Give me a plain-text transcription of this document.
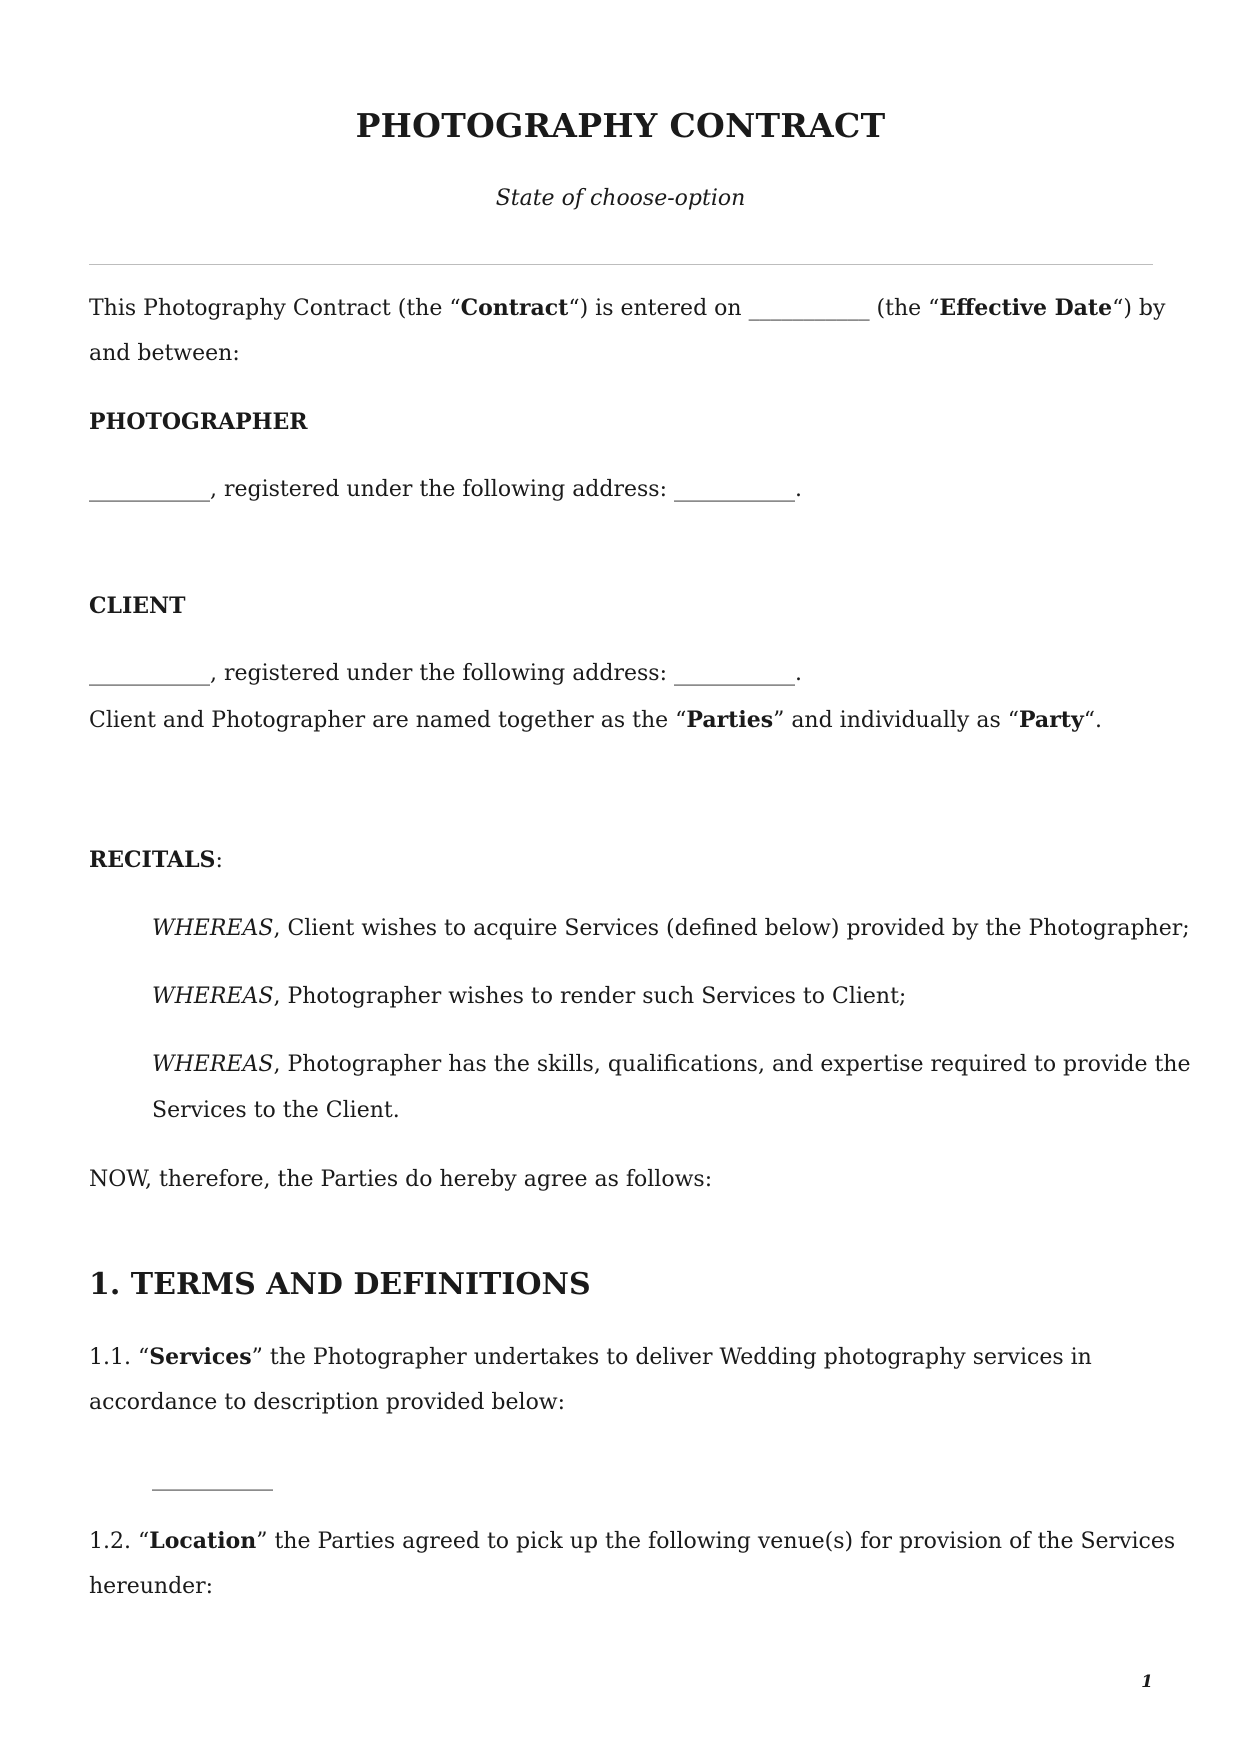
PHOTOGRAPHY CONTRACT
State of choose-option
This Photography Contract (the “Contract“) is entered on ___________ (the “Effective Date“) by
and between:
PHOTOGRAPHER
___________, registered under the following address: ___________.
CLIENT
___________, registered under the following address: ___________.
Client and Photographer are named together as the “Parties” and individually as “Party“.
RECITALS:
WHEREAS, Client wishes to acquire Services (defined below) provided by the Photographer;
WHEREAS, Photographer wishes to render such Services to Client;
WHEREAS, Photographer has the skills, qualifications, and expertise required to provide the
Services to the Client.
NOW, therefore, the Parties do hereby agree as follows:
1. TERMS AND DEFINITIONS
1.1. “Services” the Photographer undertakes to deliver Wedding photography services in
accordance to description provided below:
___________
1.2. “Location” the Parties agreed to pick up the following venue(s) for provision of the Services
hereunder:
1
